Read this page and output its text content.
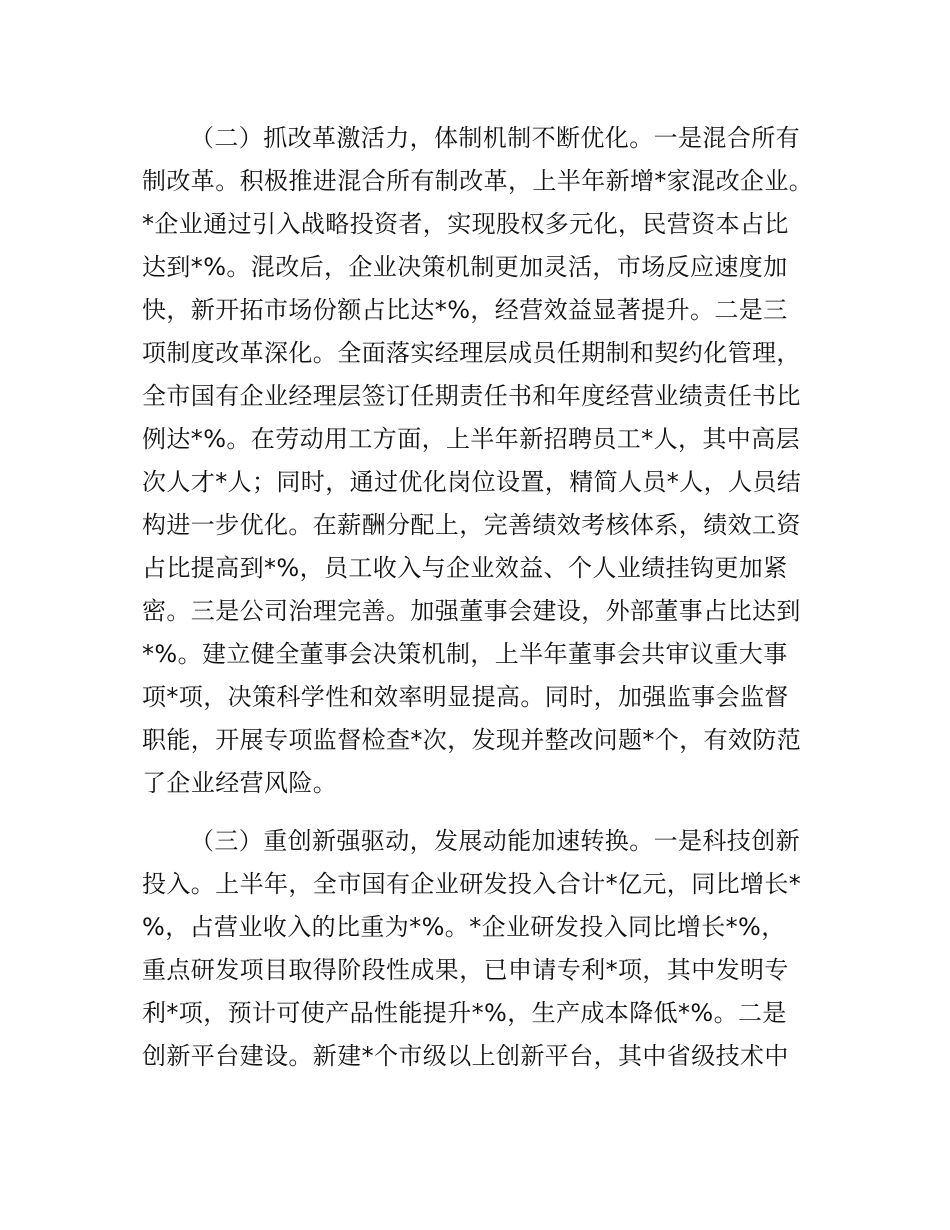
（二）抓改革激活力，体制机制不断优化。一是混合所有
制改革。积极推进混合所有制改革，上半年新增*家混改企业。
*企业通过引入战略投资者，实现股权多元化，民营资本占比
达到*%。混改后，企业决策机制更加灵活，市场反应速度加
快，新开拓市场份额占比达*%，经营效益显著提升。二是三
项制度改革深化。全面落实经理层成员任期制和契约化管理，
全市国有企业经理层签订任期责任书和年度经营业绩责任书比
例达*%。在劳动用工方面，上半年新招聘员工*人，其中高层
次人才*人；同时，通过优化岗位设置，精简人员*人，人员结
构进一步优化。在薪酬分配上，完善绩效考核体系，绩效工资
占比提高到*%，员工收入与企业效益、个人业绩挂钩更加紧
密。三是公司治理完善。加强董事会建设，外部董事占比达到
*%。建立健全董事会决策机制，上半年董事会共审议重大事
项*项，决策科学性和效率明显提高。同时，加强监事会监督
职能，开展专项监督检查*次，发现并整改问题*个，有效防范
了企业经营风险。
（三）重创新强驱动，发展动能加速转换。一是科技创新
投入。上半年，全市国有企业研发投入合计*亿元，同比增长*
%，占营业收入的比重为*%。*企业研发投入同比增长*%，
重点研发项目取得阶段性成果，已申请专利*项，其中发明专
利*项，预计可使产品性能提升*%，生产成本降低*%。二是
创新平台建设。新建*个市级以上创新平台，其中省级技术中
